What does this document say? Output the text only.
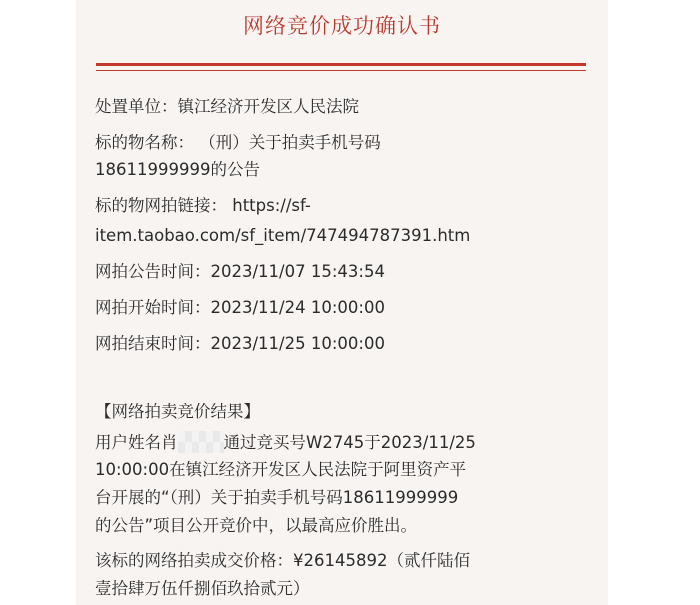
网络竞价成功确认书
处置单位：镇江经济开发区人民法院
标的物名称： （刑）关于拍卖手机号码
18611999999的公告
标的物网拍链接： https://sf-
item.taobao.com/sf_item/747494787391.htm
网拍公告时间：2023/11/07 15:43:54
网拍开始时间：2023/11/24 10:00:00
网拍结束时间：2023/11/25 10:00:00
【网络拍卖竞价结果】
用户姓名肖	通过竞买号W2745于2023/11/25
10:00:00在镇江经济开发区人民法院于阿里资产平
台开展的“（刑）关于拍卖手机号码18611999999
的公告”项目公开竞价中，以最高应价胜出。
该标的网络拍卖成交价格：¥26145892（贰仟陆佰
壹拾肆万伍仟捌佰玖拾贰元）
